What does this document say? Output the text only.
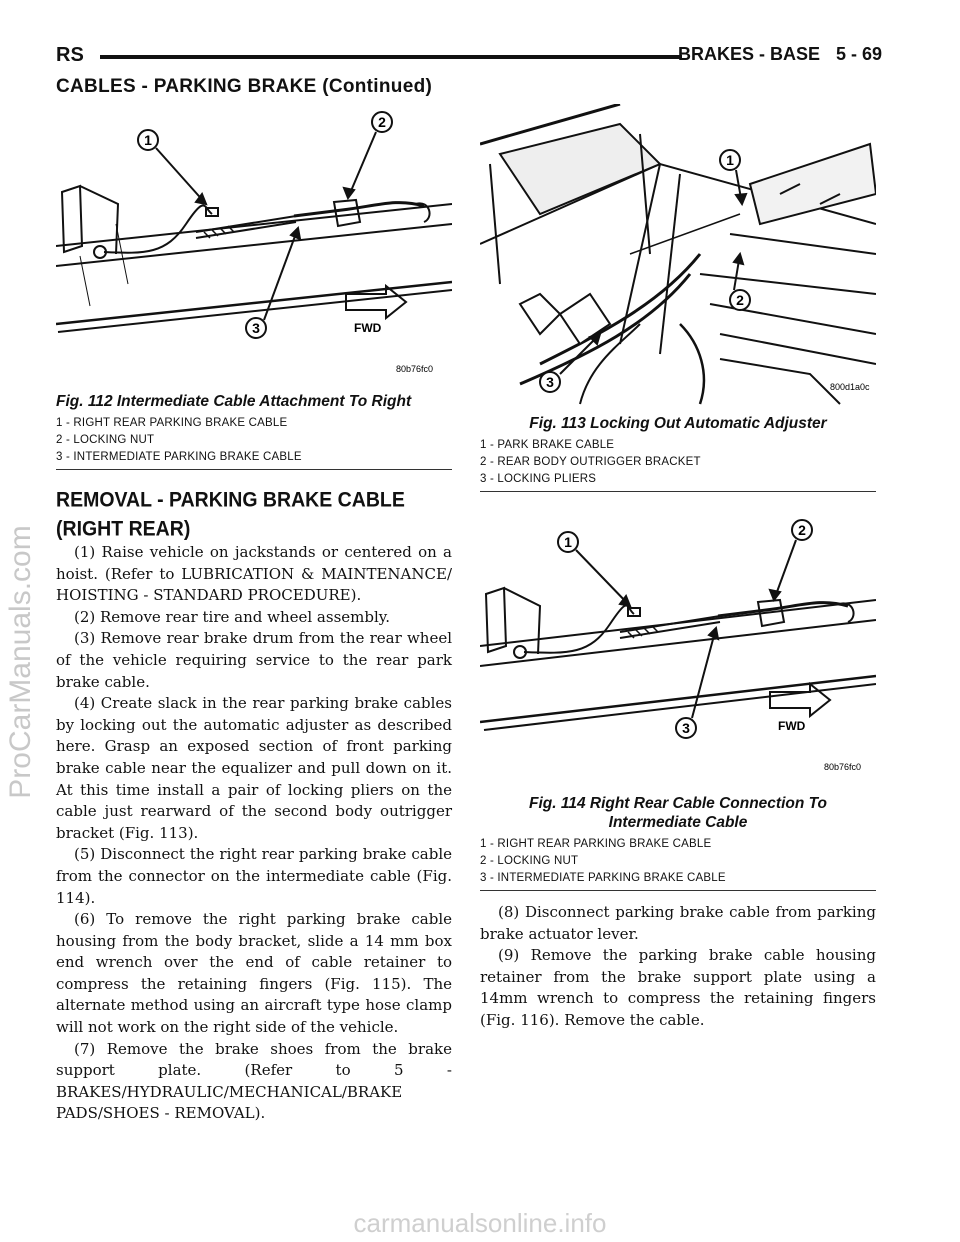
RS	BRAKES - BASE 5 - 69
CABLES - PARKING BRAKE (Continued)
1
2
3	FWD
80b76fc0
Fig. 112 Intermediate Cable Attachment To Right
1 - RIGHT REAR PARKING BRAKE CABLE
2 - LOCKING NUT
3 - INTERMEDIATE PARKING BRAKE CABLE
1
2
3	800d1a0c
Fig. 113 Locking Out Automatic Adjuster
1 - PARK BRAKE CABLE
2 - REAR BODY OUTRIGGER BRACKET
3 - LOCKING PLIERS
REMOVAL - PARKING BRAKE CABLE (RIGHT REAR)

(1) Raise vehicle on jackstands or centered on a hoist. (Refer to LUBRICATION & MAINTENANCE/ HOISTING - STANDARD PROCEDURE).

(2) Remove rear tire and wheel assembly.

(3) Remove rear brake drum from the rear wheel of the vehicle requiring service to the rear park brake cable.

(4) Create slack in the rear parking brake cables by locking out the automatic adjuster as described here. Grasp an exposed section of front parking brake cable near the equalizer and pull down on it. At this time install a pair of locking pliers on the cable just rearward of the second body outrigger bracket (Fig. 113).

(5) Disconnect the right rear parking brake cable from the connector on the intermediate cable (Fig. 114).

(6) To remove the right parking brake cable housing from the body bracket, slide a 14 mm box end wrench over the end of cable retainer to compress the retaining fingers (Fig. 115). The alternate method using an aircraft type hose clamp will not work on the right side of the vehicle.

(7) Remove the brake shoes from the brake support plate. (Refer to 5 - BRAKES/HYDRAULIC/MECHANICAL/BRAKE PADS/SHOES - REMOVAL).

1
2
3	FWD
80b76fc0
Fig. 114 Right Rear Cable Connection To
Intermediate Cable
1 - RIGHT REAR PARKING BRAKE CABLE
2 - LOCKING NUT
3 - INTERMEDIATE PARKING BRAKE CABLE

(8) Disconnect parking brake cable from parking brake actuator lever.

(9) Remove the parking brake cable housing retainer from the brake support plate using a 14mm wrench to compress the retaining fingers (Fig. 116). Remove the cable.

ProCarManuals.com
carmanualsonline.info
